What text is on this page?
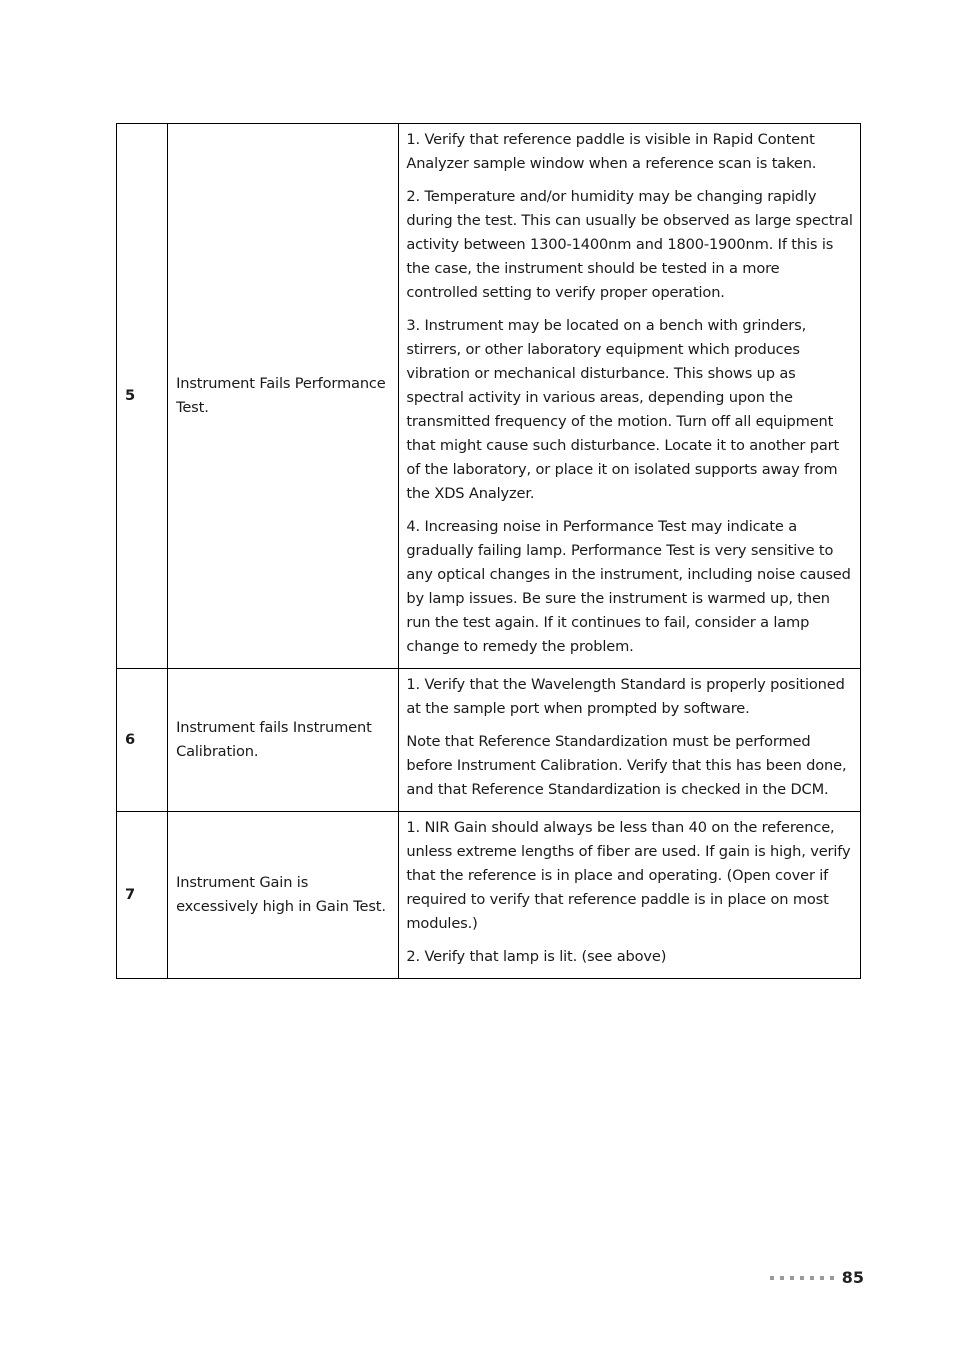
5	Instrument Fails Performance Test.	1. Verify that reference paddle is visible in Rapid Content Analyzer sample window when a reference scan is taken.

2. Temperature and/or humidity may be changing rapidly during the test. This can usually be observed as large spectral activity between 1300-1400nm and 1800-1900nm. If this is the case, the instrument should be tested in a more controlled setting to verify proper operation.

3. Instrument may be located on a bench with grinders, stirrers, or other laboratory equipment which produces vibration or mechanical disturbance. This shows up as spectral activity in various areas, depending upon the transmitted frequency of the motion. Turn off all equipment that might cause such disturbance. Locate it to another part of the laboratory, or place it on isolated supports away from the XDS Analyzer.

4. Increasing noise in Performance Test may indicate a gradually failing lamp. Performance Test is very sensitive to any optical changes in the instrument, including noise caused by lamp issues. Be sure the instrument is warmed up, then run the test again. If it continues to fail, consider a lamp change to remedy the problem.

6	Instrument fails Instrument Calibration.	1. Verify that the Wavelength Standard is properly positioned at the sample port when prompted by software.

Note that Reference Standardization must be performed before Instrument Calibration. Verify that this has been done, and that Reference Standardization is checked in the DCM.

7	Instrument Gain is excessively high in Gain Test.	1. NIR Gain should always be less than 40 on the reference, unless extreme lengths of fiber are used. If gain is high, verify that the reference is in place and operating. (Open cover if required to verify that reference paddle is in place on most modules.)

2. Verify that lamp is lit. (see above)

85
